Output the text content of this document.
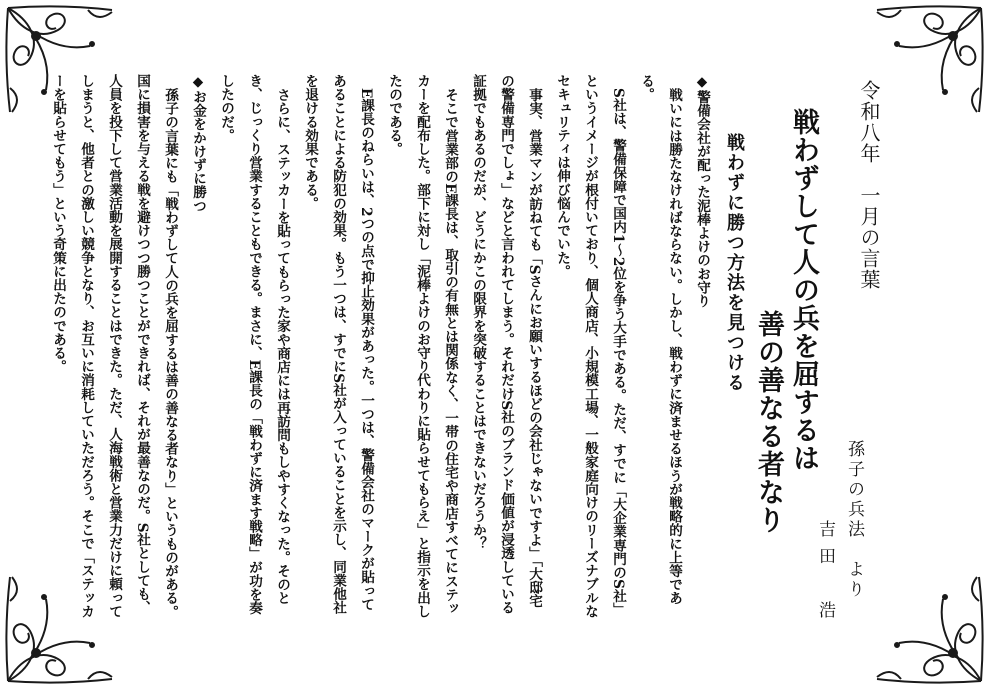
令和八年　一月の言葉
戦わずして人の兵を屈するは
善の善なる者なり	孫子の兵法　より
吉田　浩
戦わずに勝つ方法を見つける

◆警備会社が配った泥棒よけのお守り

戦いには勝たなければならない。しかし、戦わずに済ませるほうが戦略的に上等である。

S社は、警備保障で国内1〜2位を争う大手である。ただ、すでに「大企業専門のS社」というイメージが根付いており、個人商店、小規模工場、一般家庭向けのリーズナブルなセキュリティは伸び悩んでいた。

事実、営業マンが訪ねても「Sさんにお願いするほどの会社じゃないですよ」「大邸宅の警備専門でしょ」などと言われてしまう。それだけS社のブランド価値が浸透している証拠でもあるのだが、どうにかこの限界を突破することはできないだろうか？

そこで営業部のE課長は、取引の有無とは関係なく、一帯の住宅や商店すべてにステッカーを配布した。部下に対し「泥棒よけのお守り代わりに貼らせてもらえ」と指示を出したのである。

E課長のねらいは、2つの点で抑止効果があった。一つは、警備会社のマークが貼ってあることによる防犯の効果。もう一つは、すでにS社が入っていることを示し、同業他社を退ける効果である。

さらに、ステッカーを貼ってもらった家や商店には再訪問もしやすくなった。そのとき、じっくり営業することもできる。まさに、E課長の「戦わずに済ます戦略」が功を奏したのだ。

◆お金をかけずに勝つ

孫子の言葉にも「戦わずして人の兵を屈するは善の善なる者なり」というものがある。国に損害を与える戦を避けつつ勝つことができれば、それが最善なのだ。S社としても、人員を投下して営業活動を展開することはできた。ただ、人海戦術と営業力だけに頼ってしまうと、他者との激しい競争となり、お互いに消耗していただろう。そこで「ステッカーを貼らせてもう」という奇策に出たのである。
